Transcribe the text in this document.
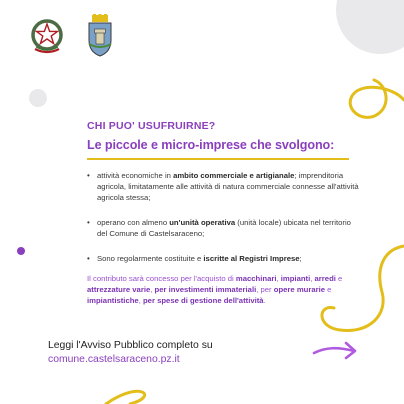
CHI PUO' USUFRUIRNE?
Le piccole e micro-imprese che svolgono:
• attività economiche in ambito commerciale e artigianale; imprenditoria agricola, limitatamente alle attività di natura commerciale connesse all'attività agricola stessa;
• operano con almeno un'unità operativa (unità locale) ubicata nel territorio del Comune di Castelsaraceno;
• Sono regolarmente costituite e iscritte al Registri Imprese;
Il contributo sarà concesso per l'acquisto di macchinari, impianti, arredi e attrezzature varie, per investimenti immateriali, per opere murarie e impiantistiche, per spese di gestione dell'attività.
Leggi l'Avviso Pubblico completo su
comune.castelsaraceno.pz.it
